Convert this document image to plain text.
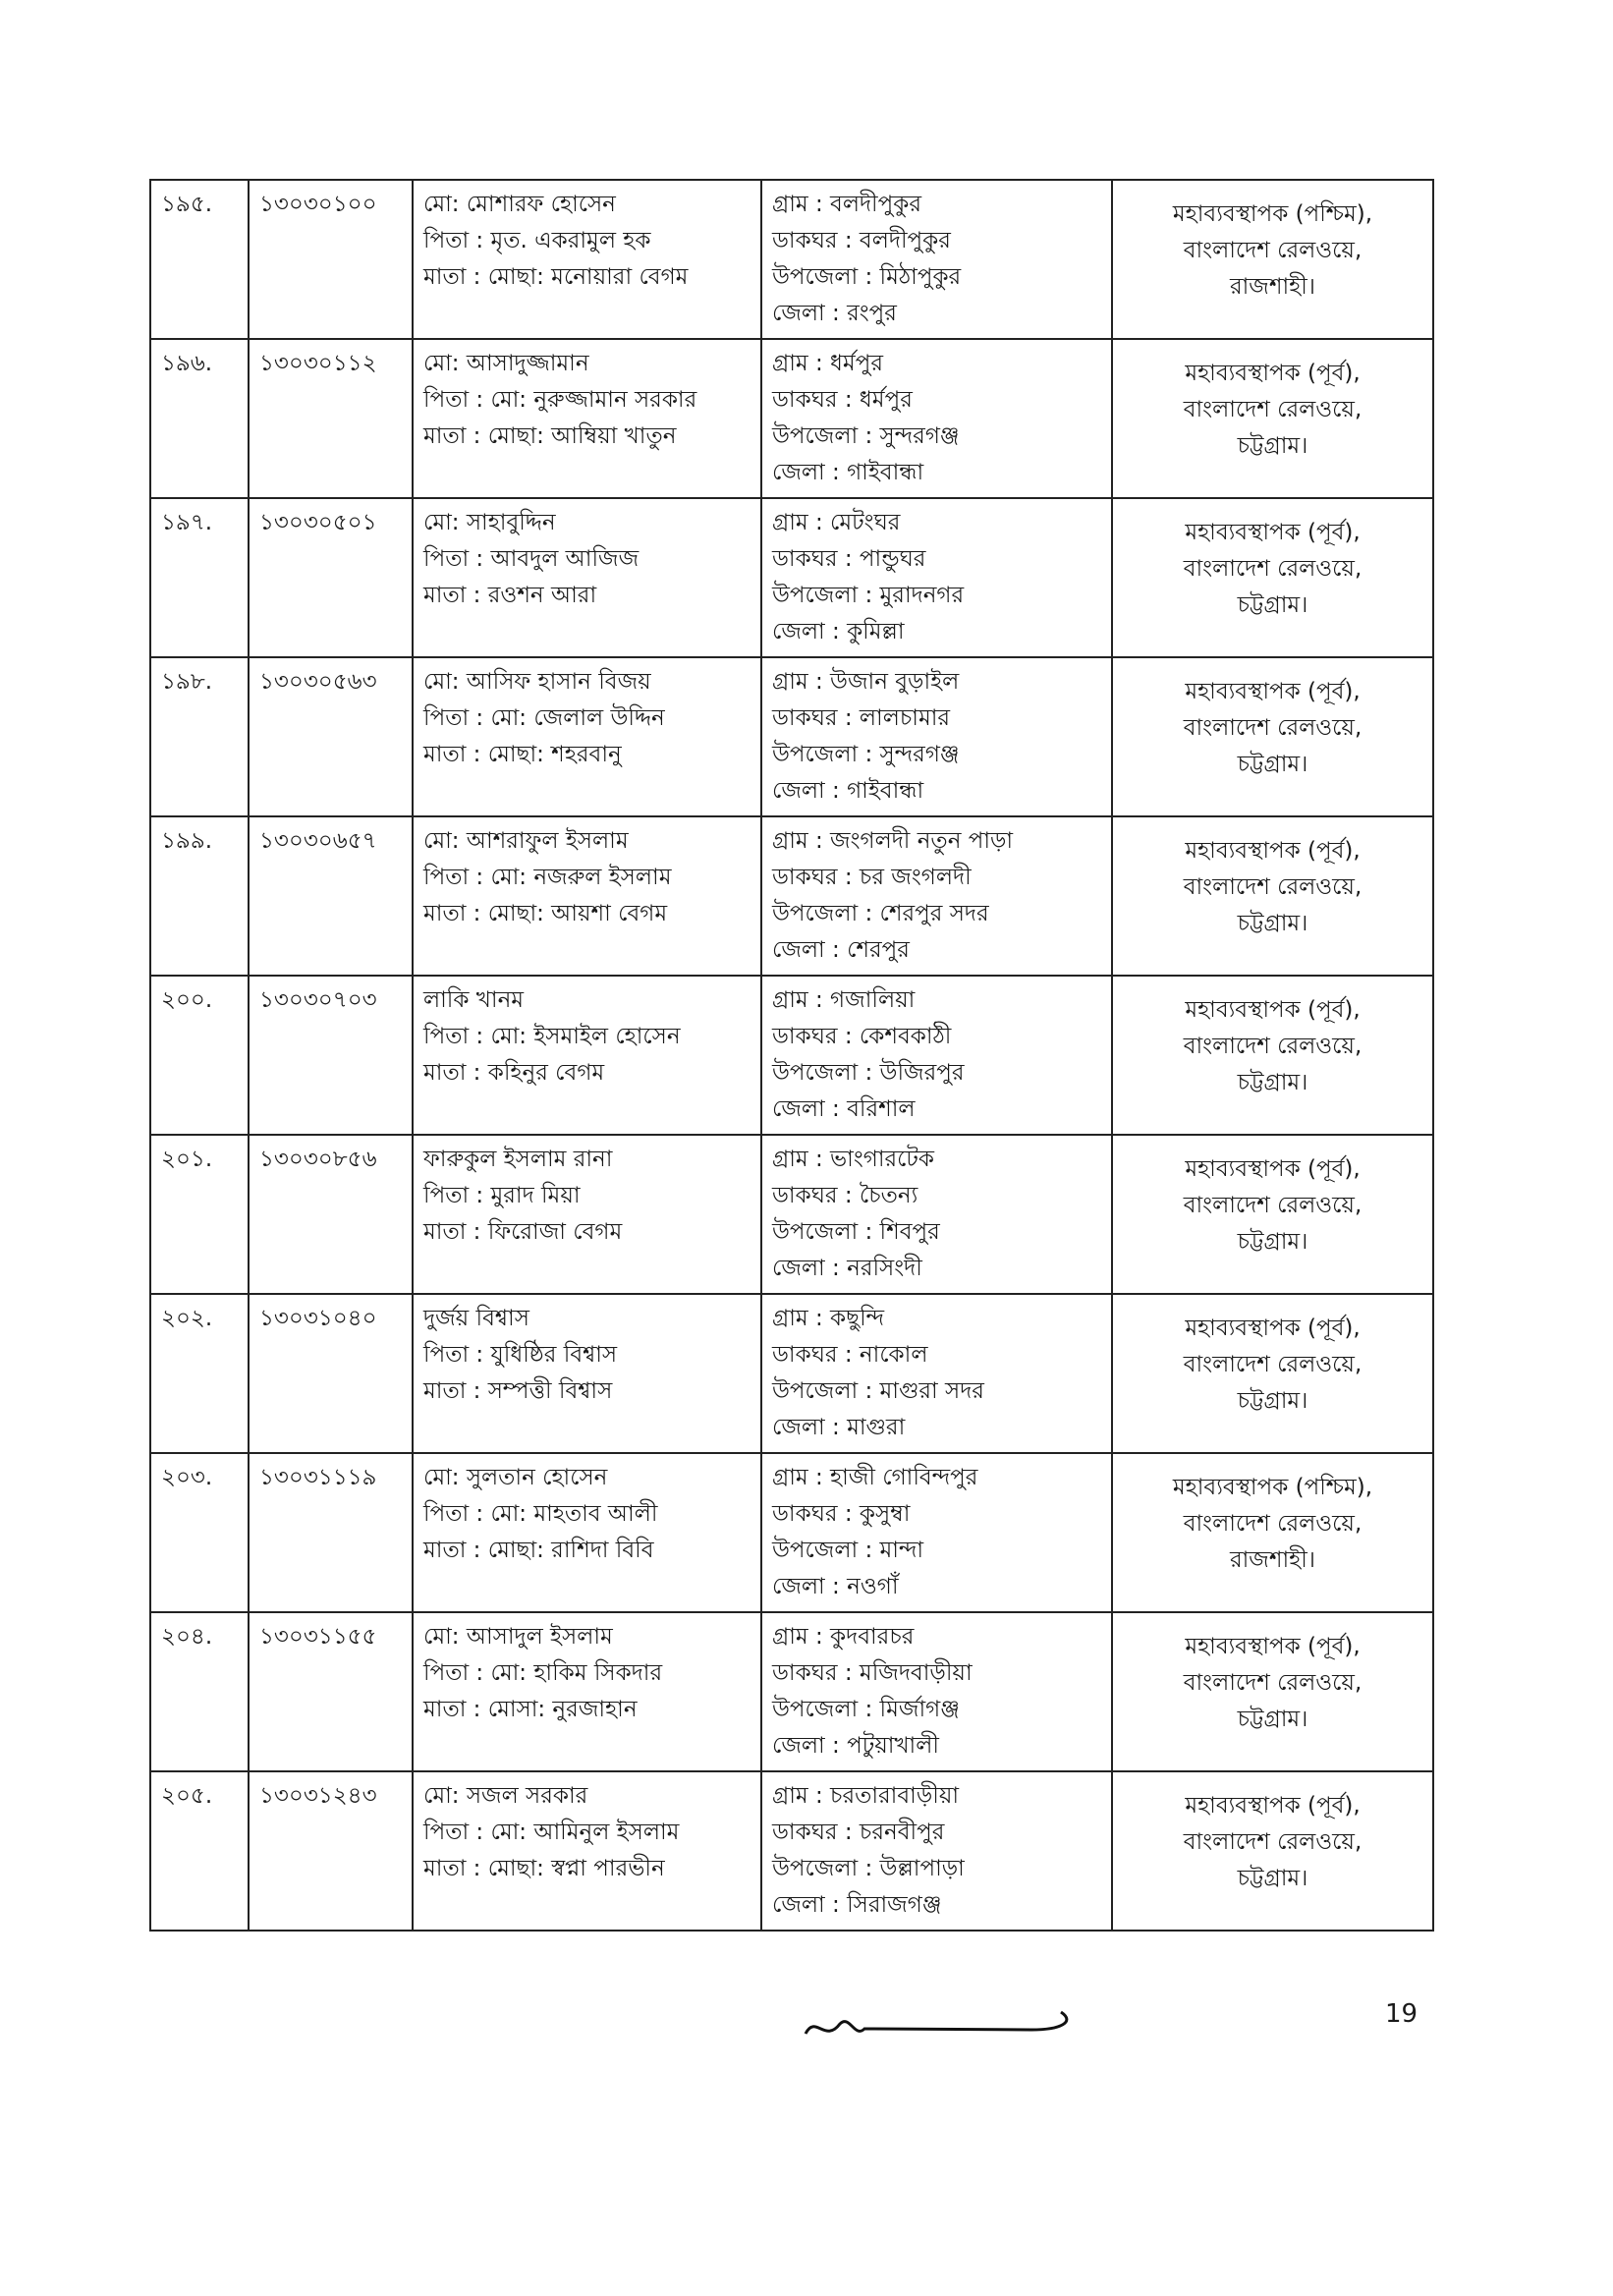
১৯৫.	১৩০৩০১০০	মো: মোশারফ হোসেন
পিতা : মৃত. একরামুল হক
মাতা : মোছা: মনোয়ারা বেগম	গ্রাম : বলদীপুকুর
ডাকঘর : বলদীপুকুর
উপজেলা : মিঠাপুকুর
জেলা : রংপুর	মহাব্যবস্থাপক (পশ্চিম),
বাংলাদেশ রেলওয়ে,
রাজশাহী।

১৯৬.	১৩০৩০১১২	মো: আসাদুজ্জামান
পিতা : মো: নুরুজ্জামান সরকার
মাতা : মোছা: আম্বিয়া খাতুন	গ্রাম : ধর্মপুর
ডাকঘর : ধর্মপুর
উপজেলা : সুন্দরগঞ্জ
জেলা : গাইবান্ধা	মহাব্যবস্থাপক (পূর্ব),
বাংলাদেশ রেলওয়ে,
চট্টগ্রাম।

১৯৭.	১৩০৩০৫০১	মো: সাহাবুদ্দিন
পিতা : আবদুল আজিজ
মাতা : রওশন আরা	গ্রাম : মেটংঘর
ডাকঘর : পান্ডুঘর
উপজেলা : মুরাদনগর
জেলা : কুমিল্লা	মহাব্যবস্থাপক (পূর্ব),
বাংলাদেশ রেলওয়ে,
চট্টগ্রাম।

১৯৮.	১৩০৩০৫৬৩	মো: আসিফ হাসান বিজয়
পিতা : মো: জেলাল উদ্দিন
মাতা : মোছা: শহরবানু	গ্রাম : উজান বুড়াইল
ডাকঘর : লালচামার
উপজেলা : সুন্দরগঞ্জ
জেলা : গাইবান্ধা	মহাব্যবস্থাপক (পূর্ব),
বাংলাদেশ রেলওয়ে,
চট্টগ্রাম।

১৯৯.	১৩০৩০৬৫৭	মো: আশরাফুল ইসলাম
পিতা : মো: নজরুল ইসলাম
মাতা : মোছা: আয়শা বেগম	গ্রাম : জংগলদী নতুন পাড়া
ডাকঘর : চর জংগলদী
উপজেলা : শেরপুর সদর
জেলা : শেরপুর	মহাব্যবস্থাপক (পূর্ব),
বাংলাদেশ রেলওয়ে,
চট্টগ্রাম।

২০০.	১৩০৩০৭০৩	লাকি খানম
পিতা : মো: ইসমাইল হোসেন
মাতা : কহিনুর বেগম	গ্রাম : গজালিয়া
ডাকঘর : কেশবকাঠী
উপজেলা : উজিরপুর
জেলা : বরিশাল	মহাব্যবস্থাপক (পূর্ব),
বাংলাদেশ রেলওয়ে,
চট্টগ্রাম।

২০১.	১৩০৩০৮৫৬	ফারুকুল ইসলাম রানা
পিতা : মুরাদ মিয়া
মাতা : ফিরোজা বেগম	গ্রাম : ভাংগারটেক
ডাকঘর : চৈতন্য
উপজেলা : শিবপুর
জেলা : নরসিংদী	মহাব্যবস্থাপক (পূর্ব),
বাংলাদেশ রেলওয়ে,
চট্টগ্রাম।

২০২.	১৩০৩১০৪০	দুর্জয় বিশ্বাস
পিতা : যুধিষ্ঠির বিশ্বাস
মাতা : সম্পত্তী বিশ্বাস	গ্রাম : কছুন্দি
ডাকঘর : নাকোল
উপজেলা : মাগুরা সদর
জেলা : মাগুরা	মহাব্যবস্থাপক (পূর্ব),
বাংলাদেশ রেলওয়ে,
চট্টগ্রাম।

২০৩.	১৩০৩১১১৯	মো: সুলতান হোসেন
পিতা : মো: মাহতাব আলী
মাতা : মোছা: রাশিদা বিবি	গ্রাম : হাজী গোবিন্দপুর
ডাকঘর : কুসুম্বা
উপজেলা : মান্দা
জেলা : নওগাঁ	মহাব্যবস্থাপক (পশ্চিম),
বাংলাদেশ রেলওয়ে,
রাজশাহী।

২০৪.	১৩০৩১১৫৫	মো: আসাদুল ইসলাম
পিতা : মো: হাকিম সিকদার
মাতা : মোসা: নুরজাহান	গ্রাম : কুদবারচর
ডাকঘর : মজিদবাড়ীয়া
উপজেলা : মির্জাগঞ্জ
জেলা : পটুয়াখালী	মহাব্যবস্থাপক (পূর্ব),
বাংলাদেশ রেলওয়ে,
চট্টগ্রাম।

২০৫.	১৩০৩১২৪৩	মো: সজল সরকার
পিতা : মো: আমিনুল ইসলাম
মাতা : মোছা: স্বপ্না পারভীন	গ্রাম : চরতারাবাড়ীয়া
ডাকঘর : চরনবীপুর
উপজেলা : উল্লাপাড়া
জেলা : সিরাজগঞ্জ	মহাব্যবস্থাপক (পূর্ব),
বাংলাদেশ রেলওয়ে,
চট্টগ্রাম।
19
